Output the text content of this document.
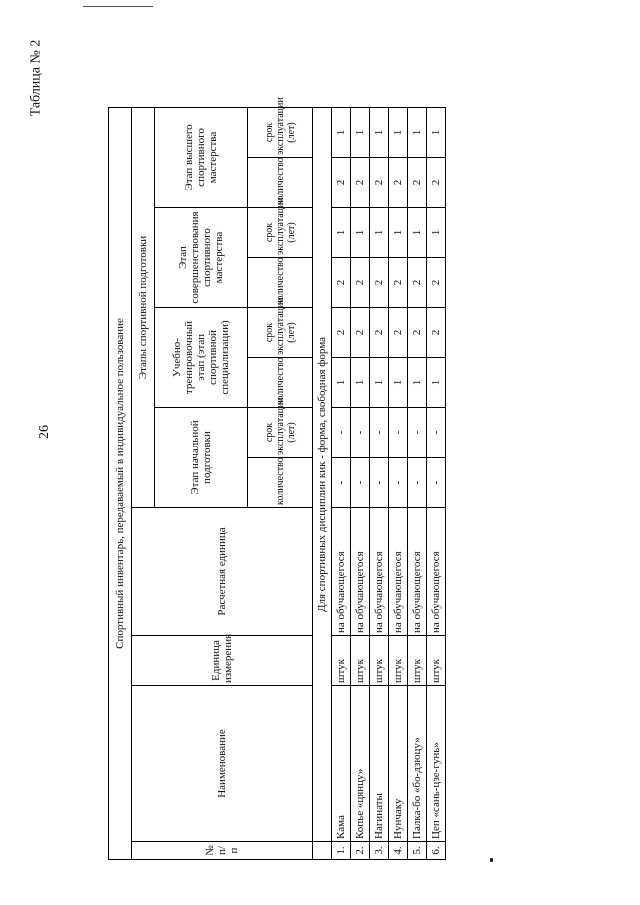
26
Таблица № 2
Спортивный инвентарь, передаваемый в индивидуальное пользование											
№ п/п	Наименование	Единица измерения	Расчетная единица	Этапы спортивной подготовки							
				Этап начальной подготовки		Учебно-тренировочный этап (этап спортивной специализации)		Этап совершенствования спортивного мастерства		Этап высшего спортивного мастерства	
				количество	срок эксплуатации (лет)	количество	срок эксплуатации (лет)	количество	срок эксплуатации (лет)	количество	срок эксплуатации (лет)
	Для спортивных дисциплин кик - форма, свободная форма										
1.	Кама	штук	на обучающегося	-	-	1	2	2	1	2	1
2.	Копье «цянцу»	штук	на обучающегося	-	-	1	2	2	1	2	1
3.	Нагинаты	штук	на обучающегося	-	-	1	2	2	1	2	1
4.	Нунчаку	штук	на обучающегося	-	-	1	2	2	1	2	1
5.	Палка-бо «бо-дзюцу»	штук	на обучающегося	-	-	1	2	2	1	2	1
6.	Цеп «сань-цзе-гунь»	штук	на обучающегося	-	-	1	2	2	1	2	1
